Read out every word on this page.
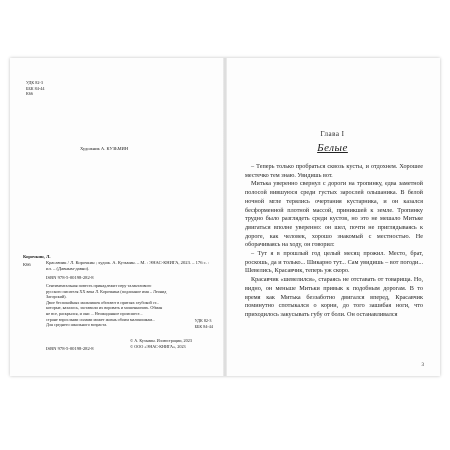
УДК 82-3

ББК 84-44

К66

Художник А. КУЗЬМИН
Корочкин, Л.
К66	Красавчик / Л. Корочкин ; худож. А. Кузьмин. – М. : ЭНАС-КНИГА, 2023. – 176 с. : ил. – (Давным-давно).

ISBN 978-5-00198-282-8

Сентиментальная повесть принадлежит перу талантливого

русского писателя XX века Л. Корочкина (подлинное имя – Леонид

Загорский).

Двое беспокойных мальчишек обитают в притаях глубокой ст...

которые, казалось, заставили их воровать и мошенничать. Обман

не все, раскрылся, и они ... Неожиданное происшест...

стране взрослыми силами может жизнь обоим мальчишкам...

Для среднего школьного возраста.

УДК 82-3

ББК 84-44

ISBN 978-5-00198-282-8

© А. Кузьмин. Иллюстрации, 2023

© ООО «ЭНАС-КНИГА», 2023

Глава I
Белые

– Теперь только пробраться сквозь кусты, и отдохнем. Хорошее местечко тем знаю. Увидишь вот.

Митька уверенно свернул с дороги на тропинку, едва заметной полосой вившуюся среди густых зарослей ольшаника. В белой ночной мгле терялись очертания кустарника, и он казался бесформенной плотной массой, приникшей к земле. Тропинку трудно было разглядеть среди кустов, но это не мешало Митьке двигаться вполне уверенно: он шел, почти не приглядываясь к дороге, как человек, хорошо знакомый с местностью. Не оборачиваясь на ходу, он говорил:

– Тут я в прошлый год целый месяц прожил. Место, брат, роскошь, да и только... Шикарно тут... Сам увидишь – вот погоди... Шевелись, Красавчик, теперь уж скоро.

Красавчик «шевелился», стараясь не отставать от товарища. Но, видно, он меньше Митьки привык к подобным дорогам. В то время как Митька беззаботно двигался вперед, Красавчик поминутно спотыкался о корни, до того зашибая ноги, что приходилось закусывать губу от боли. Он останавливался

3
